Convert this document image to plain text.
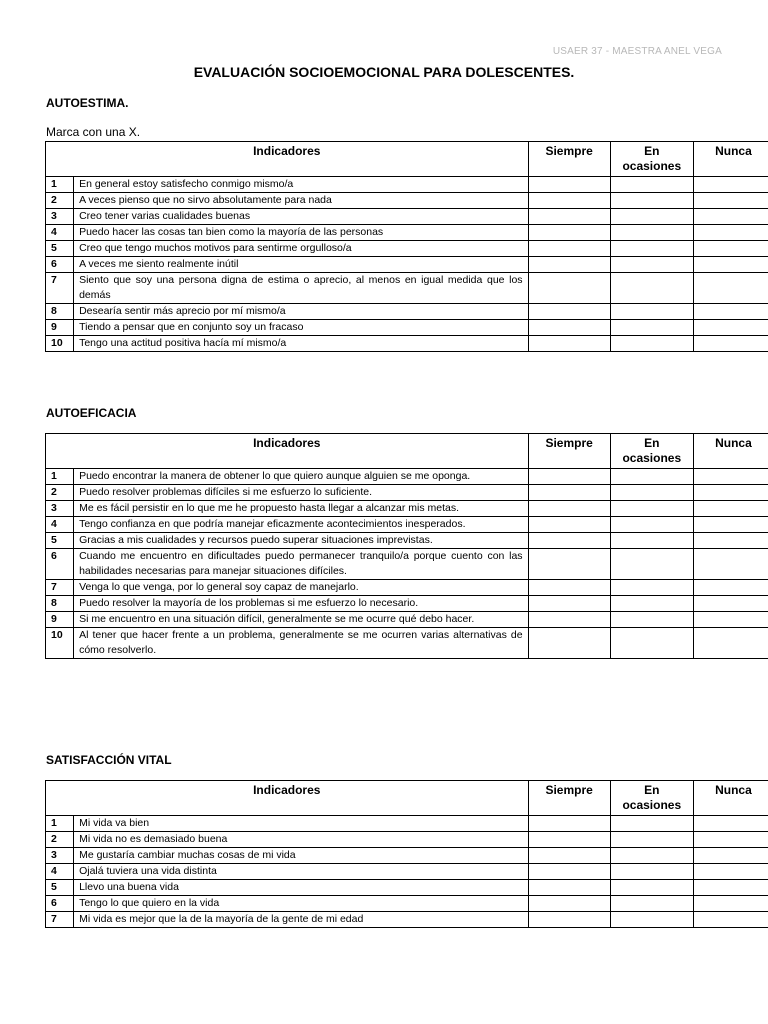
USAER 37 - MAESTRA ANEL VEGA
EVALUACIÓN SOCIOEMOCIONAL PARA DOLESCENTES.
AUTOESTIMA.
Marca con una X.
Indicadores		Siempre	En ocasiones	Nunca
1	En general estoy satisfecho conmigo mismo/a			
2	A veces pienso que no sirvo absolutamente para nada			
3	Creo tener varias cualidades buenas			
4	Puedo hacer las cosas tan bien como la mayoría de las personas			
5	Creo que tengo muchos motivos para sentirme orgulloso/a			
6	A veces me siento realmente inútil			
7	Siento que soy una persona digna de estima o aprecio, al menos en igual medida que los demás			
8	Desearía sentir más aprecio por mí mismo/a			
9	Tiendo a pensar que en conjunto soy un fracaso			
10	Tengo una actitud positiva hacía mí mismo/a			
AUTOEFICACIA
Indicadores		Siempre	En ocasiones	Nunca
1	Puedo encontrar la manera de obtener lo que quiero aunque alguien se me oponga.			
2	Puedo resolver problemas difíciles si me esfuerzo lo suficiente.			
3	Me es fácil persistir en lo que me he propuesto hasta llegar a alcanzar mis metas.			
4	Tengo confianza en que podría manejar eficazmente acontecimientos inesperados.			
5	Gracias a mis cualidades y recursos puedo superar situaciones imprevistas.			
6	Cuando me encuentro en dificultades puedo permanecer tranquilo/a porque cuento con las habilidades necesarias para manejar situaciones difíciles.			
7	Venga lo que venga, por lo general soy capaz de manejarlo.			
8	Puedo resolver la mayoría de los problemas si me esfuerzo lo necesario.			
9	Si me encuentro en una situación difícil, generalmente se me ocurre qué debo hacer.			
10	Al tener que hacer frente a un problema, generalmente se me ocurren varias alternativas de cómo resolverlo.			
SATISFACCIÓN VITAL
Indicadores		Siempre	En ocasiones	Nunca
1	Mi vida va bien			
2	Mi vida no es demasiado buena			
3	Me gustaría cambiar muchas cosas de mi vida			
4	Ojalá tuviera una vida distinta			
5	Llevo una buena vida			
6	Tengo lo que quiero en la vida			
7	Mi vida es mejor que la de la mayoría de la gente de mi edad			
